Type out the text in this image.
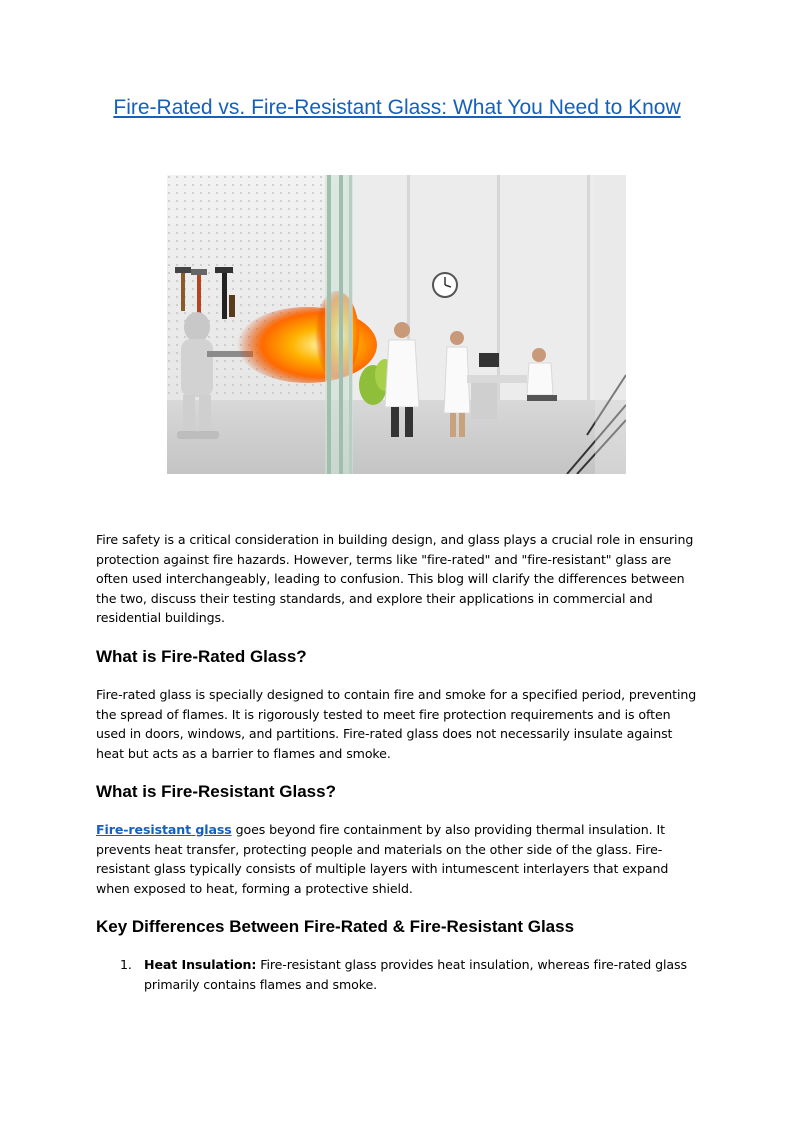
Fire-Rated vs. Fire-Resistant Glass: What You Need to Know

Fire safety is a critical consideration in building design, and glass plays a crucial role in ensuring protection against fire hazards. However, terms like "fire-rated" and "fire-resistant" glass are often used interchangeably, leading to confusion. This blog will clarify the differences between the two, discuss their testing standards, and explore their applications in commercial and residential buildings.

What is Fire-Rated Glass?

Fire-rated glass is specially designed to contain fire and smoke for a specified period, preventing the spread of flames. It is rigorously tested to meet fire protection requirements and is often used in doors, windows, and partitions. Fire-rated glass does not necessarily insulate against heat but acts as a barrier to flames and smoke.

What is Fire-Resistant Glass?

Fire-resistant glass goes beyond fire containment by also providing thermal insulation. It prevents heat transfer, protecting people and materials on the other side of the glass. Fire-resistant glass typically consists of multiple layers with intumescent interlayers that expand when exposed to heat, forming a protective shield.

Key Differences Between Fire-Rated & Fire-Resistant Glass
1. Heat Insulation: Fire-resistant glass provides heat insulation, whereas fire-rated glass primarily contains flames and smoke.
